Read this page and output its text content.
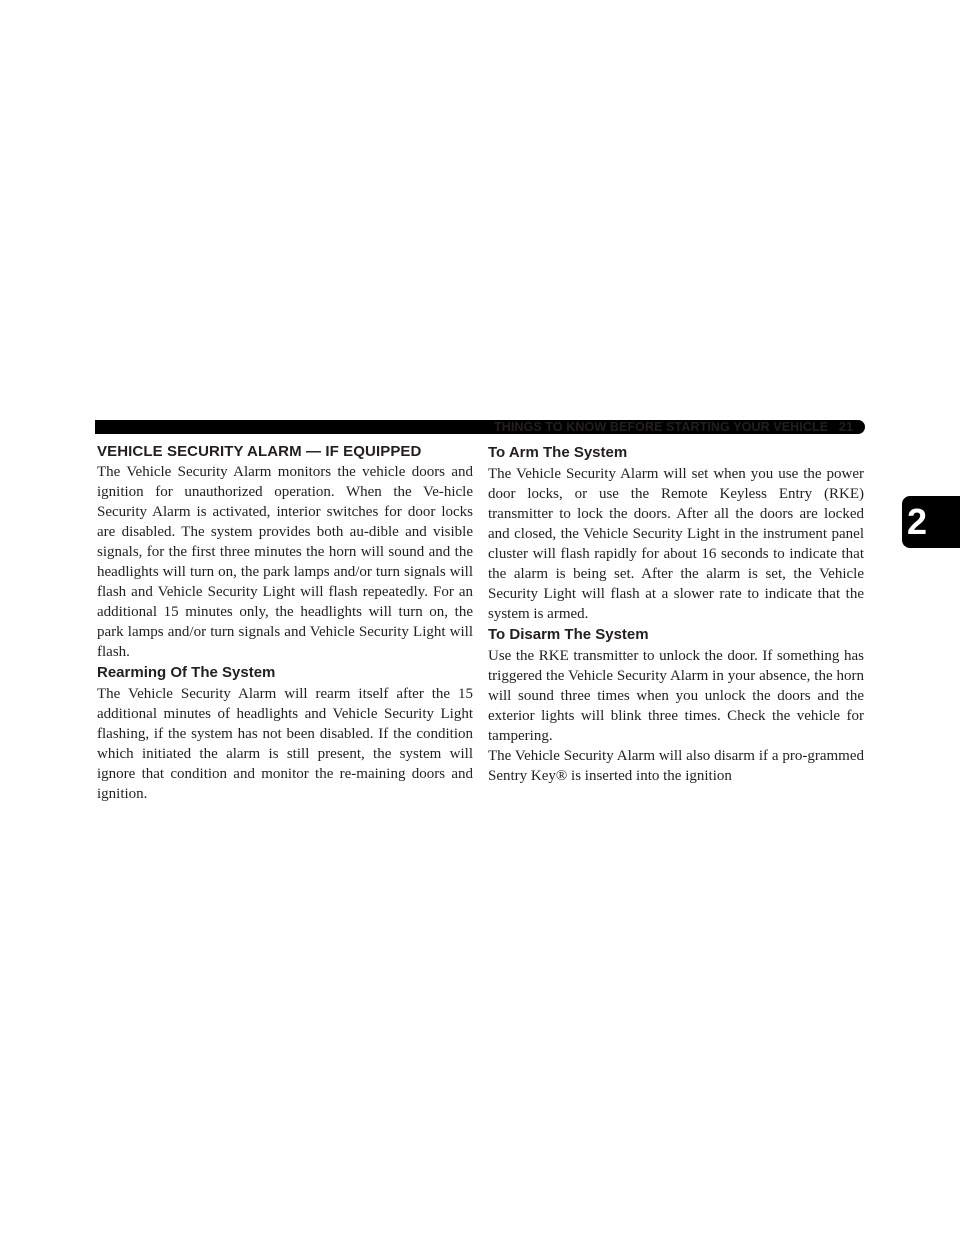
THINGS TO KNOW BEFORE STARTING YOUR VEHICLE 21
2
VEHICLE SECURITY ALARM — IF EQUIPPED

The Vehicle Security Alarm monitors the vehicle doors and ignition for unauthorized operation. When the Ve-hicle Security Alarm is activated, interior switches for door locks are disabled. The system provides both au-dible and visible signals, for the first three minutes the horn will sound and the headlights will turn on, the park lamps and/or turn signals will flash and Vehicle Security Light will flash repeatedly. For an additional 15 minutes only, the headlights will turn on, the park lamps and/or turn signals and Vehicle Security Light will flash.

Rearming Of The System

The Vehicle Security Alarm will rearm itself after the 15 additional minutes of headlights and Vehicle Security Light flashing, if the system has not been disabled. If the condition which initiated the alarm is still present, the system will ignore that condition and monitor the re-maining doors and ignition.

To Arm The System

The Vehicle Security Alarm will set when you use the power door locks, or use the Remote Keyless Entry (RKE) transmitter to lock the doors. After all the doors are locked and closed, the Vehicle Security Light in the instrument panel cluster will flash rapidly for about 16 seconds to indicate that the alarm is being set. After the alarm is set, the Vehicle Security Light will flash at a slower rate to indicate that the system is armed.

To Disarm The System

Use the RKE transmitter to unlock the door. If something has triggered the Vehicle Security Alarm in your absence, the horn will sound three times when you unlock the doors and the exterior lights will blink three times. Check the vehicle for tampering.

The Vehicle Security Alarm will also disarm if a pro-grammed Sentry Key® is inserted into the ignition
